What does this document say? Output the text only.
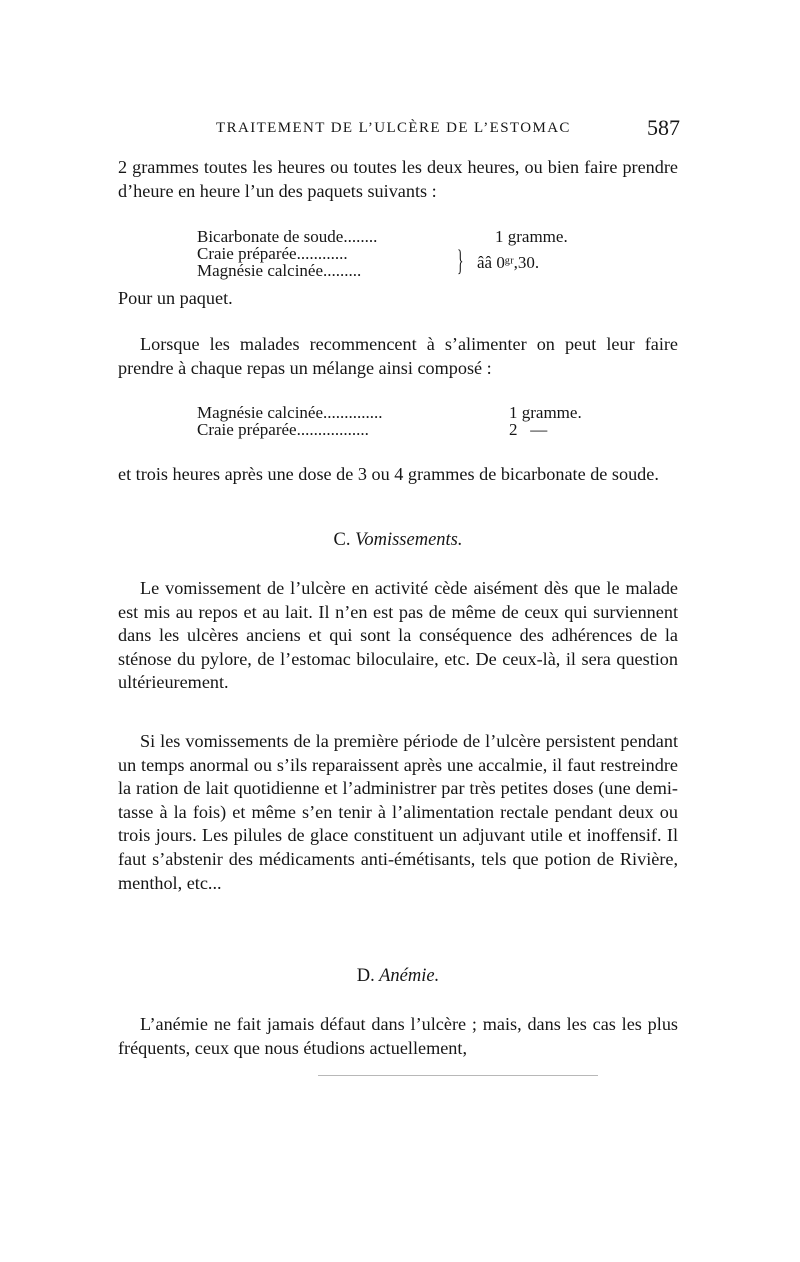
TRAITEMENT DE L’ULCÈRE DE L’ESTOMAC	587

2 grammes toutes les heures ou toutes les deux heures, ou bien faire prendre d’heure en heure l’un des paquets suivants :

Bicarbonate de soude........	1 gramme.
Craie préparée............
Magnésie calcinée.........	} ââ 0ᵍʳ,30.

Pour un paquet.

Lorsque les malades recommencent à s’alimenter on peut leur faire prendre à chaque repas un mélange ainsi composé :

Magnésie calcinée..............	1 gramme.
Craie préparée.................	2   —

et trois heures après une dose de 3 ou 4 grammes de bicarbonate de soude.

C. Vomissements.

Le vomissement de l’ulcère en activité cède aisément dès que le malade est mis au repos et au lait. Il n’en est pas de même de ceux qui surviennent dans les ulcères anciens et qui sont la conséquence des adhérences de la sténose du pylore, de l’estomac biloculaire, etc. De ceux-là, il sera question ultérieurement.

Si les vomissements de la première période de l’ulcère persistent pendant un temps anormal ou s’ils reparaissent après une accalmie, il faut restreindre la ration de lait quotidienne et l’administrer par très petites doses (une demi-tasse à la fois) et même s’en tenir à l’alimentation rectale pendant deux ou trois jours. Les pilules de glace constituent un adjuvant utile et inoffensif. Il faut s’abstenir des médicaments anti-émétisants, tels que potion de Rivière, menthol, etc...

D. Anémie.

L’anémie ne fait jamais défaut dans l’ulcère ; mais, dans les cas les plus fréquents, ceux que nous étudions actuellement,
